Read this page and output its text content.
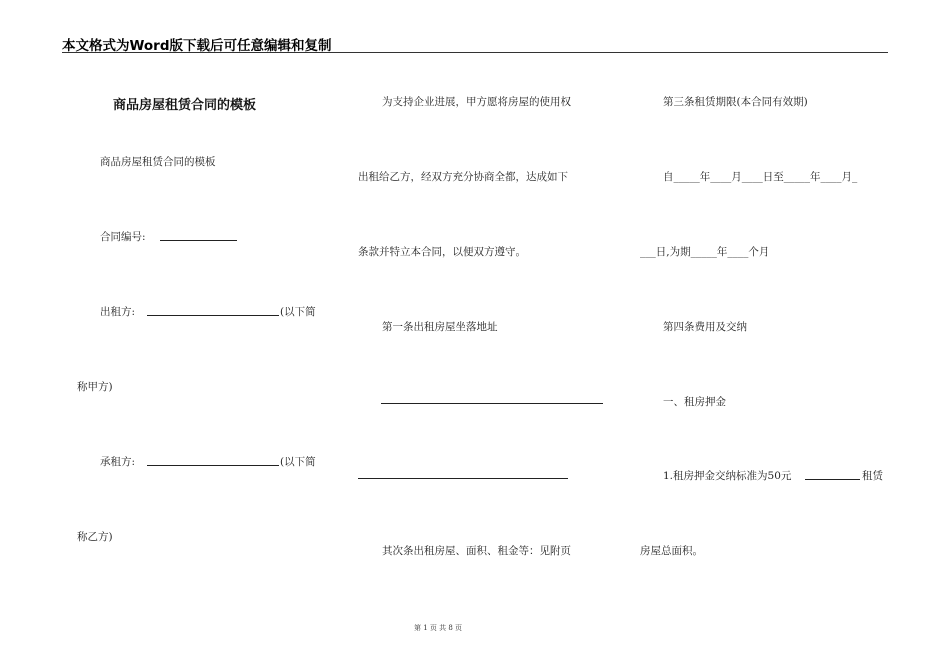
本文格式为Word版下载后可任意编辑和复制
商品房屋租赁合同的模板
商品房屋租赁合同的模板
合同编号:
出租方:	(以下简
称甲方)
承租方:	(以下简
称乙方)
为支持企业进展，甲方愿将房屋的使用权
出租给乙方，经双方充分协商全都，达成如下
条款并特立本合同，以便双方遵守。
第一条出租房屋坐落地址
其次条出租房屋、面积、租金等：见附页
第三条租赁期限(本合同有效期)
自_____年____月____日至_____年____月_
___日,为期_____年____个月
第四条费用及交纳
一、租房押金
1.租房押金交纳标准为50元	租赁
房屋总面积。
第 1 页 共 8 页
